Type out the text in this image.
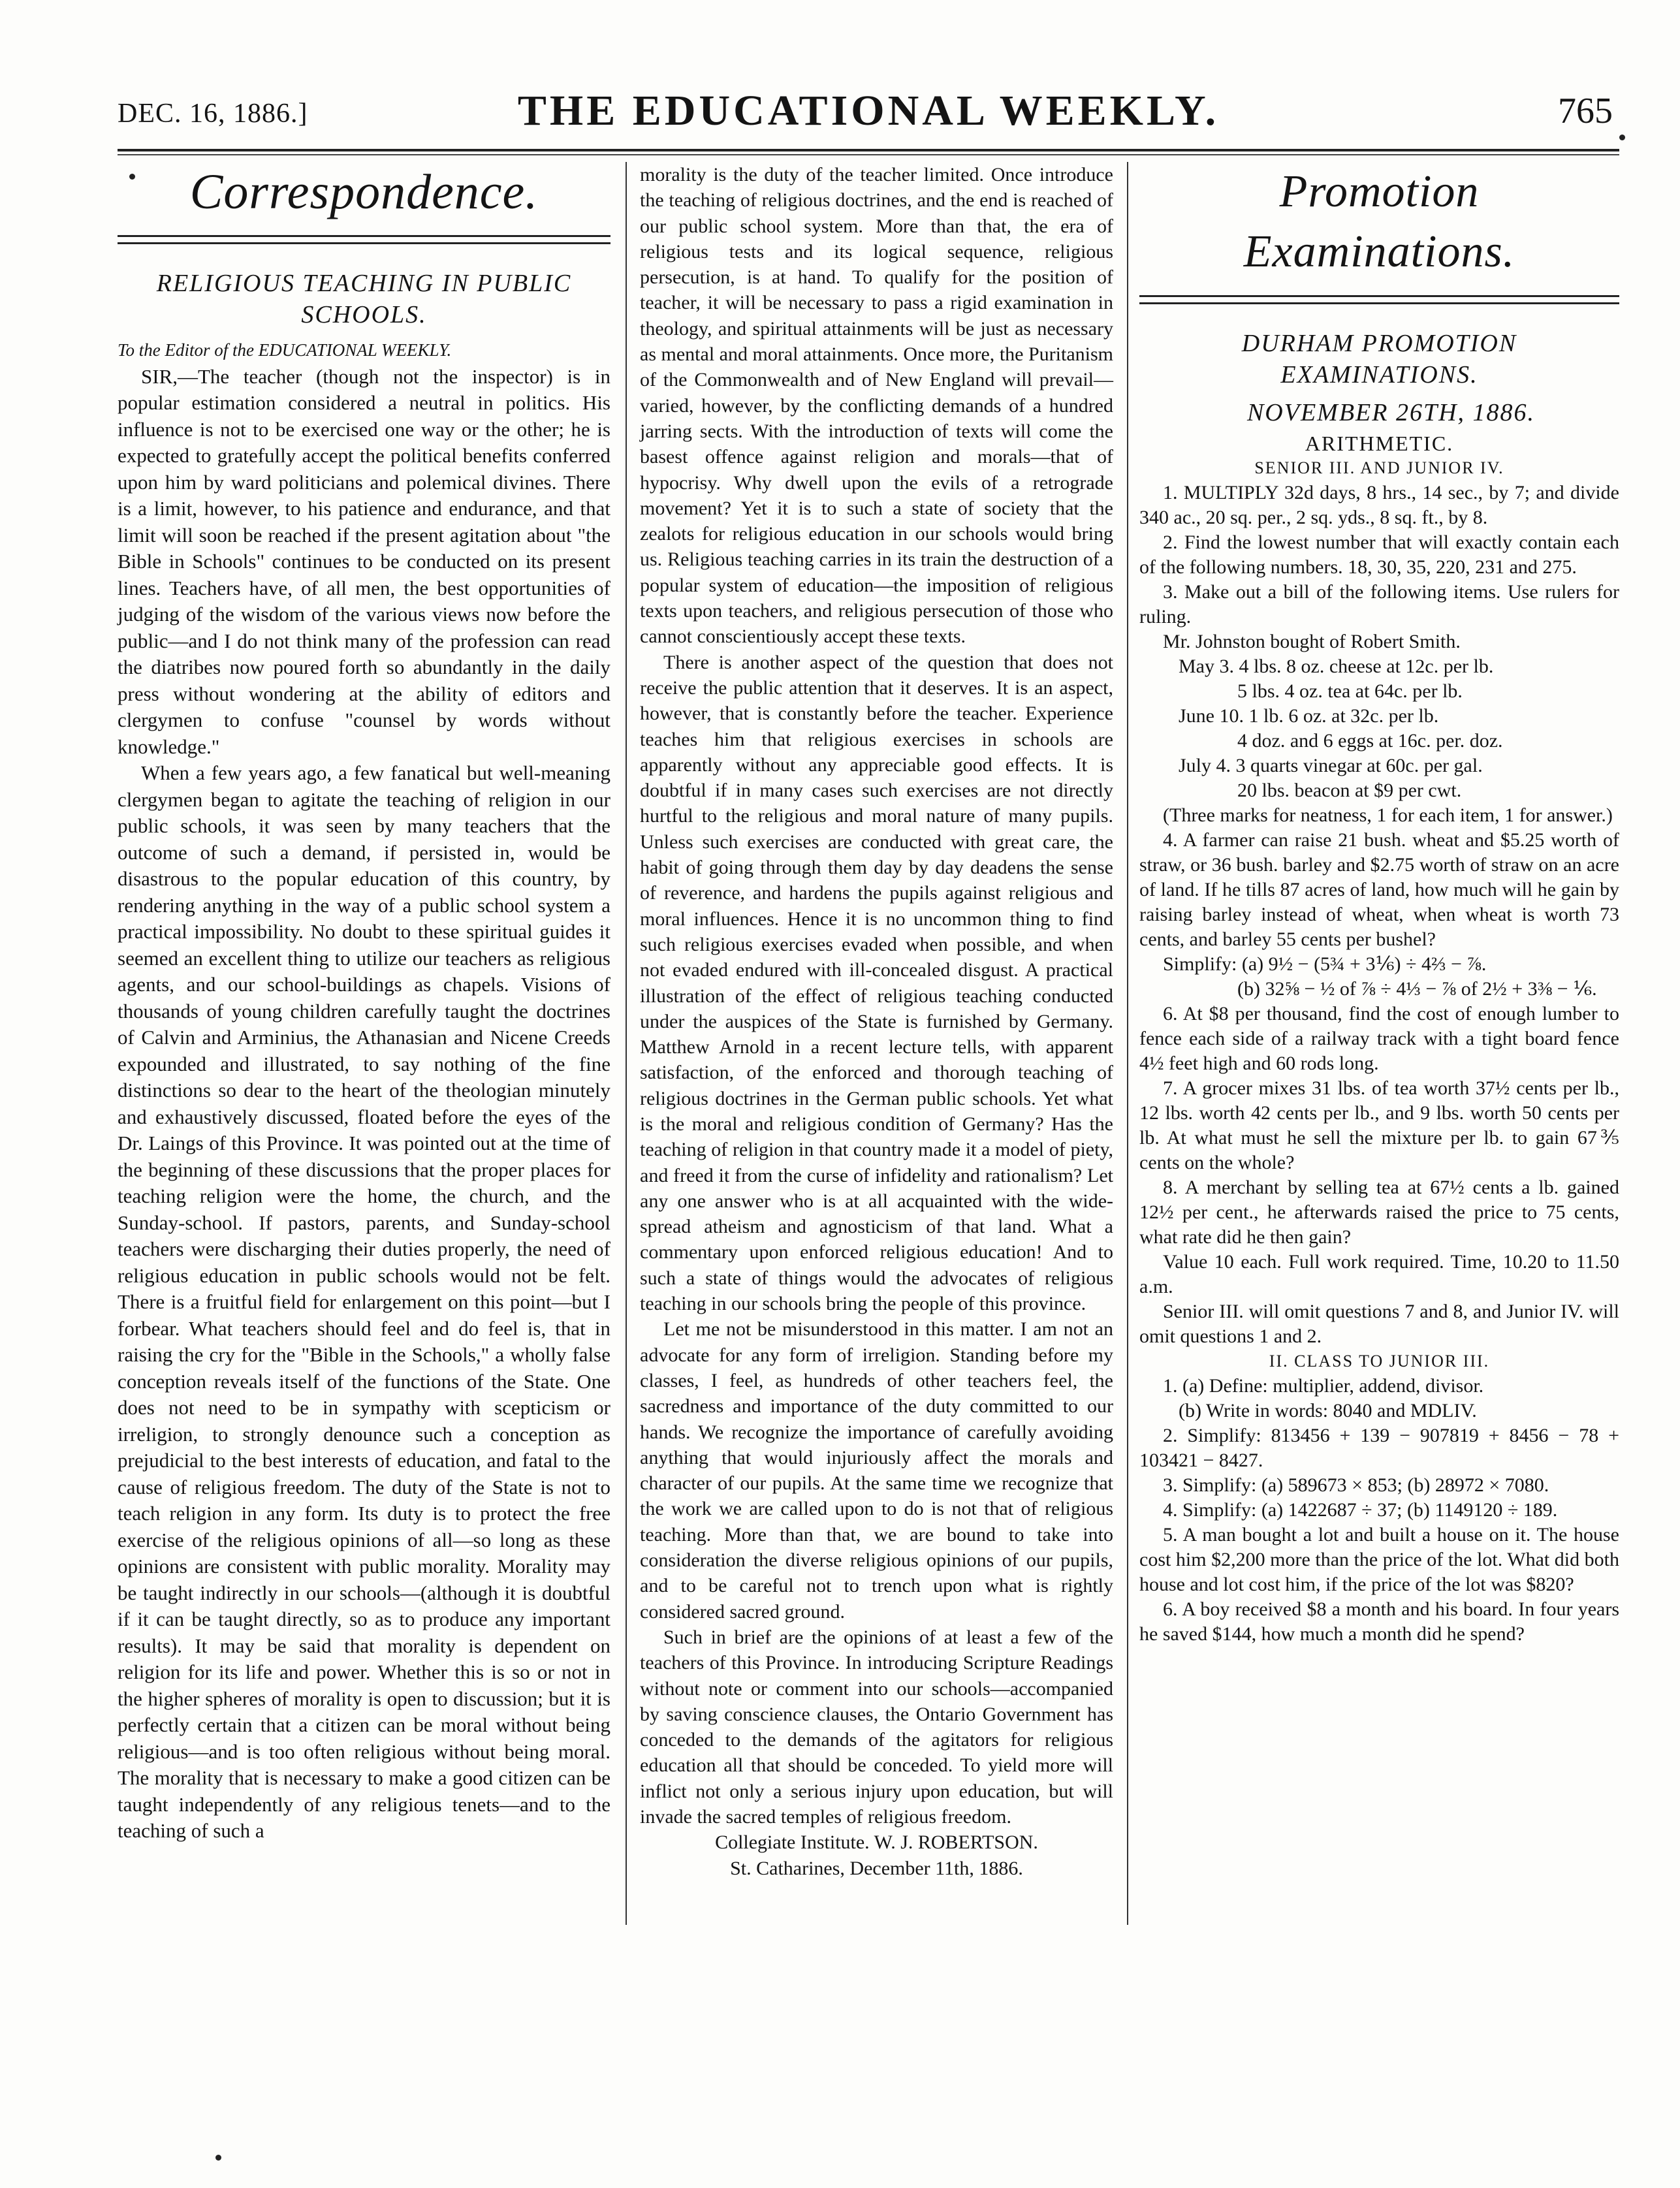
DEC. 16, 1886.]	THE EDUCATIONAL WEEKLY.	765
Correspondence.
RELIGIOUS TEACHING IN PUBLIC SCHOOLS.

To the Editor of the EDUCATIONAL WEEKLY.

SIR,—The teacher (though not the inspector) is in popular estimation considered a neutral in politics. His influence is not to be exercised one way or the other; he is expected to gratefully accept the political benefits conferred upon him by ward politicians and polemical divines. There is a limit, however, to his patience and endurance, and that limit will soon be reached if the present agitation about "the Bible in Schools" continues to be conducted on its present lines. Teachers have, of all men, the best opportunities of judging of the wisdom of the various views now before the public—and I do not think many of the profession can read the diatribes now poured forth so abundantly in the daily press without wondering at the ability of editors and clergymen to confuse "counsel by words without knowledge."

When a few years ago, a few fanatical but well-meaning clergymen began to agitate the teaching of religion in our public schools, it was seen by many teachers that the outcome of such a demand, if persisted in, would be disastrous to the popular education of this country, by rendering anything in the way of a public school system a practical impossibility. No doubt to these spiritual guides it seemed an excellent thing to utilize our teachers as religious agents, and our school-buildings as chapels. Visions of thousands of young children carefully taught the doctrines of Calvin and Arminius, the Athanasian and Nicene Creeds expounded and illustrated, to say nothing of the fine distinctions so dear to the heart of the theologian minutely and exhaustively discussed, floated before the eyes of the Dr. Laings of this Province. It was pointed out at the time of the beginning of these discussions that the proper places for teaching religion were the home, the church, and the Sunday-school. If pastors, parents, and Sunday-school teachers were discharging their duties properly, the need of religious education in public schools would not be felt. There is a fruitful field for enlargement on this point—but I forbear. What teachers should feel and do feel is, that in raising the cry for the "Bible in the Schools," a wholly false conception reveals itself of the functions of the State. One does not need to be in sympathy with scepticism or irreligion, to strongly denounce such a conception as prejudicial to the best interests of education, and fatal to the cause of religious freedom. The duty of the State is not to teach religion in any form. Its duty is to protect the free exercise of the religious opinions of all—so long as these opinions are consistent with public morality. Morality may be taught indirectly in our schools—(although it is doubtful if it can be taught directly, so as to produce any important results). It may be said that morality is dependent on religion for its life and power. Whether this is so or not in the higher spheres of morality is open to discussion; but it is perfectly certain that a citizen can be moral without being religious—and is too often religious without being moral. The morality that is necessary to make a good citizen can be taught independently of any religious tenets—and to the teaching of such a

morality is the duty of the teacher limited. Once introduce the teaching of religious doctrines, and the end is reached of our public school system. More than that, the era of religious tests and its logical sequence, religious persecution, is at hand. To qualify for the position of teacher, it will be necessary to pass a rigid examination in theology, and spiritual attainments will be just as necessary as mental and moral attainments. Once more, the Puritanism of the Commonwealth and of New England will prevail—varied, however, by the conflicting demands of a hundred jarring sects. With the introduction of texts will come the basest offence against religion and morals—that of hypocrisy. Why dwell upon the evils of a retrograde movement? Yet it is to such a state of society that the zealots for religious education in our schools would bring us. Religious teaching carries in its train the destruction of a popular system of education—the imposition of religious texts upon teachers, and religious persecution of those who cannot conscientiously accept these texts.

There is another aspect of the question that does not receive the public attention that it deserves. It is an aspect, however, that is constantly before the teacher. Experience teaches him that religious exercises in schools are apparently without any appreciable good effects. It is doubtful if in many cases such exercises are not directly hurtful to the religious and moral nature of many pupils. Unless such exercises are conducted with great care, the habit of going through them day by day deadens the sense of reverence, and hardens the pupils against religious and moral influences. Hence it is no uncommon thing to find such religious exercises evaded when possible, and when not evaded endured with ill-concealed disgust. A practical illustration of the effect of religious teaching conducted under the auspices of the State is furnished by Germany. Matthew Arnold in a recent lecture tells, with apparent satisfaction, of the enforced and thorough teaching of religious doctrines in the German public schools. Yet what is the moral and religious condition of Germany? Has the teaching of religion in that country made it a model of piety, and freed it from the curse of infidelity and rationalism? Let any one answer who is at all acquainted with the wide-spread atheism and agnosticism of that land. What a commentary upon enforced religious education! And to such a state of things would the advocates of religious teaching in our schools bring the people of this province.

Let me not be misunderstood in this matter. I am not an advocate for any form of irreligion. Standing before my classes, I feel, as hundreds of other teachers feel, the sacredness and importance of the duty committed to our hands. We recognize the importance of carefully avoiding anything that would injuriously affect the morals and character of our pupils. At the same time we recognize that the work we are called upon to do is not that of religious teaching. More than that, we are bound to take into consideration the diverse religious opinions of our pupils, and to be careful not to trench upon what is rightly considered sacred ground.

Such in brief are the opinions of at least a few of the teachers of this Province. In introducing Scripture Readings without note or comment into our schools—accompanied by saving conscience clauses, the Ontario Government has conceded to the demands of the agitators for religious education all that should be conceded. To yield more will inflict not only a serious injury upon education, but will invade the sacred temples of religious freedom.

Collegiate Institute. W. J. ROBERTSON.

St. Catharines, December 11th, 1886.

Promotion Examinations.
DURHAM PROMOTION EXAMINATIONS.

NOVEMBER 26TH, 1886.

ARITHMETIC.

SENIOR III. AND JUNIOR IV.

1. MULTIPLY 32d days, 8 hrs., 14 sec., by 7; and divide 340 ac., 20 sq. per., 2 sq. yds., 8 sq. ft., by 8.

2. Find the lowest number that will exactly contain each of the following numbers. 18, 30, 35, 220, 231 and 275.

3. Make out a bill of the following items. Use rulers for ruling.

Mr. Johnston bought of Robert Smith.

May 3. 4 lbs. 8 oz. cheese at 12c. per lb.

5 lbs. 4 oz. tea at 64c. per lb.

June 10. 1 lb. 6 oz. at 32c. per lb.

4 doz. and 6 eggs at 16c. per. doz.

July 4. 3 quarts vinegar at 60c. per gal.

20 lbs. beacon at $9 per cwt.

(Three marks for neatness, 1 for each item, 1 for answer.)

4. A farmer can raise 21 bush. wheat and $5.25 worth of straw, or 36 bush. barley and $2.75 worth of straw on an acre of land. If he tills 87 acres of land, how much will he gain by raising barley instead of wheat, when wheat is worth 73 cents, and barley 55 cents per bushel?

Simplify: (a) 9½ − (5¾ + 3⅙) ÷ 4⅔ − ⅞.

(b) 32⅝ − ½ of ⅞ ÷ 4⅓ − ⅞ of 2½ + 3⅜ − ⅙.

6. At $8 per thousand, find the cost of enough lumber to fence each side of a railway track with a tight board fence 4½ feet high and 60 rods long.

7. A grocer mixes 31 lbs. of tea worth 37½ cents per lb., 12 lbs. worth 42 cents per lb., and 9 lbs. worth 50 cents per lb. At what must he sell the mixture per lb. to gain 67⅗ cents on the whole?

8. A merchant by selling tea at 67½ cents a lb. gained 12½ per cent., he afterwards raised the price to 75 cents, what rate did he then gain?

Value 10 each. Full work required. Time, 10.20 to 11.50 a.m.

Senior III. will omit questions 7 and 8, and Junior IV. will omit questions 1 and 2.

II. CLASS TO JUNIOR III.

1. (a) Define: multiplier, addend, divisor.

(b) Write in words: 8040 and MDLIV.

2. Simplify: 813456 + 139 − 907819 + 8456 − 78 + 103421 − 8427.

3. Simplify: (a) 589673 × 853; (b) 28972 × 7080.

4. Simplify: (a) 1422687 ÷ 37; (b) 1149120 ÷ 189.

5. A man bought a lot and built a house on it. The house cost him $2,200 more than the price of the lot. What did both house and lot cost him, if the price of the lot was $820?

6. A boy received $8 a month and his board. In four years he saved $144, how much a month did he spend?
